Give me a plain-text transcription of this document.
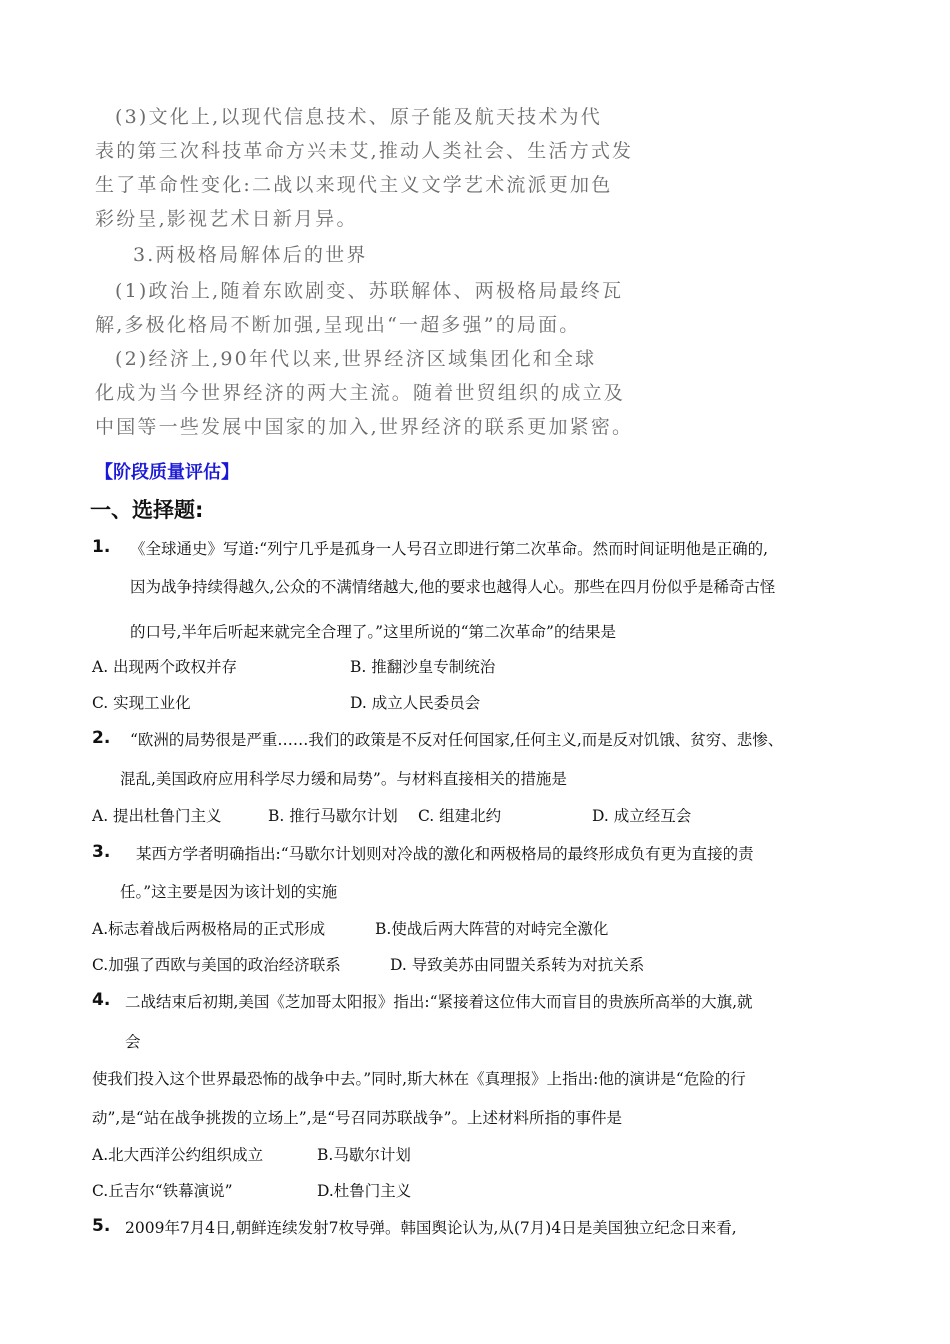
(3)文化上,以现代信息技术、原子能及航天技术为代

表的第三次科技革命方兴未艾,推动人类社会、生活方式发

生了革命性变化:二战以来现代主义文学艺术流派更加色

彩纷呈,影视艺术日新月异。

3.两极格局解体后的世界

(1)政治上,随着东欧剧变、苏联解体、两极格局最终瓦

解,多极化格局不断加强,呈现出“一超多强”的局面。

(2)经济上,90年代以来,世界经济区域集团化和全球

化成为当今世界经济的两大主流。随着世贸组织的成立及

中国等一些发展中国家的加入,世界经济的联系更加紧密。

【阶段质量评估】
一、选择题:
1. 《全球通史》写道:“列宁几乎是孤身一人号召立即进行第二次革命。然而时间证明他是正确的,
因为战争持续得越久,公众的不满情绪越大,他的要求也越得人心。那些在四月份似乎是稀奇古怪
的口号,半年后听起来就完全合理了。”这里所说的“第二次革命”的结果是
A. 出现两个政权并存	B. 推翻沙皇专制统治
C. 实现工业化	D. 成立人民委员会
2. “欧洲的局势很是严重……我们的政策是不反对任何国家,任何主义,而是反对饥饿、贫穷、悲惨、
混乱,美国政府应用科学尽力缓和局势”。与材料直接相关的措施是
A. 提出杜鲁门主义	B. 推行马歇尔计划 C. 组建北约	D. 成立经互会
3. 某西方学者明确指出:“马歇尔计划则对冷战的激化和两极格局的最终形成负有更为直接的责
任。”这主要是因为该计划的实施
A.标志着战后两极格局的正式形成	B.使战后两大阵营的对峙完全激化
C.加强了西欧与美国的政治经济联系	D. 导致美苏由同盟关系转为对抗关系
4. 二战结束后初期,美国《芝加哥太阳报》指出:“紧接着这位伟大而盲目的贵族所高举的大旗,就
会
使我们投入这个世界最恐怖的战争中去。”同时,斯大林在《真理报》上指出:他的演讲是“危险的行
动”,是“站在战争挑拨的立场上”,是“号召同苏联战争”。上述材料所指的事件是
A.北大西洋公约组织成立	B.马歇尔计划
C.丘吉尔“铁幕演说”	D.杜鲁门主义
5. 2009年7月4日,朝鲜连续发射7枚导弹。韩国舆论认为,从(7月)4日是美国独立纪念日来看,
